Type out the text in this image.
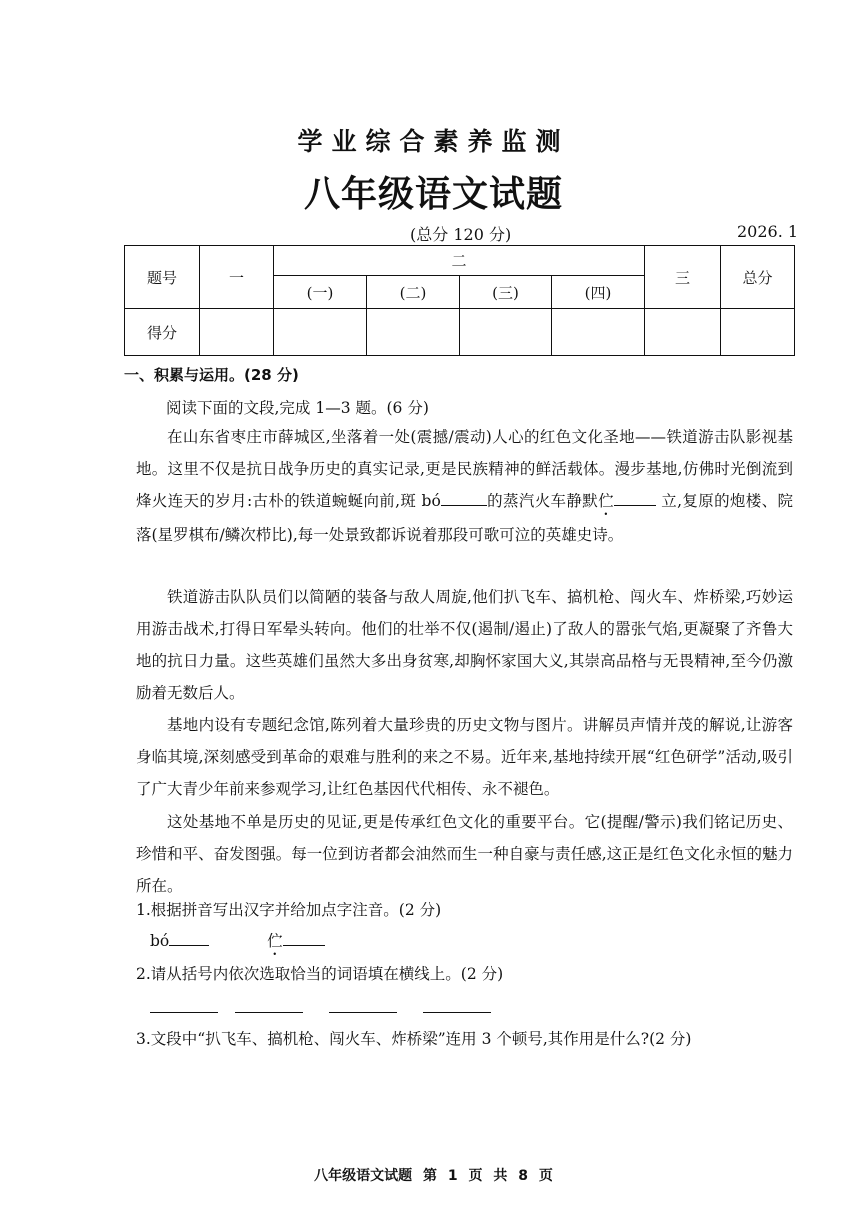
学业综合素养监测
八年级语文试题
(总分 120 分)	2026. 1
题号	一	二				三	总分
		(一)	(二)	(三)	(四)		
得分							
一、积累与运用。(28 分)
阅读下面的文段,完成 1—3 题。(6 分)

在山东省枣庄市薛城区,坐落着一处(震撼/震动)人心的红色文化圣地——铁道游击队影视基地。这里不仅是抗日战争历史的真实记录,更是民族精神的鲜活载体。漫步基地,仿佛时光倒流到烽火连天的岁月:古朴的铁道蜿蜒向前,斑 bó	的蒸汽火车静默伫	立,复原的炮楼、院落(星罗棋布/鳞次栉比),每一处景致都诉说着那段可歌可泣的英雄史诗。

铁道游击队队员们以简陋的装备与敌人周旋,他们扒飞车、搞机枪、闯火车、炸桥梁,巧妙运用游击战术,打得日军晕头转向。他们的壮举不仅(遏制/遏止)了敌人的嚣张气焰,更凝聚了齐鲁大地的抗日力量。这些英雄们虽然大多出身贫寒,却胸怀家国大义,其崇高品格与无畏精神,至今仍激励着无数后人。

基地内设有专题纪念馆,陈列着大量珍贵的历史文物与图片。讲解员声情并茂的解说,让游客身临其境,深刻感受到革命的艰难与胜利的来之不易。近年来,基地持续开展“红色研学”活动,吸引了广大青少年前来参观学习,让红色基因代代相传、永不褪色。

这处基地不单是历史的见证,更是传承红色文化的重要平台。它(提醒/警示)我们铭记历史、珍惜和平、奋发图强。每一位到访者都会油然而生一种自豪与责任感,这正是红色文化永恒的魅力所在。

1.根据拼音写出汉字并给加点字注音。(2 分)
bó	伫
2.请从括号内依次选取恰当的词语填在横线上。(2 分)
3.文段中“扒飞车、搞机枪、闯火车、炸桥梁”连用 3 个顿号,其作用是什么?(2 分)
八年级语文试题 第 1 页 共 8 页
